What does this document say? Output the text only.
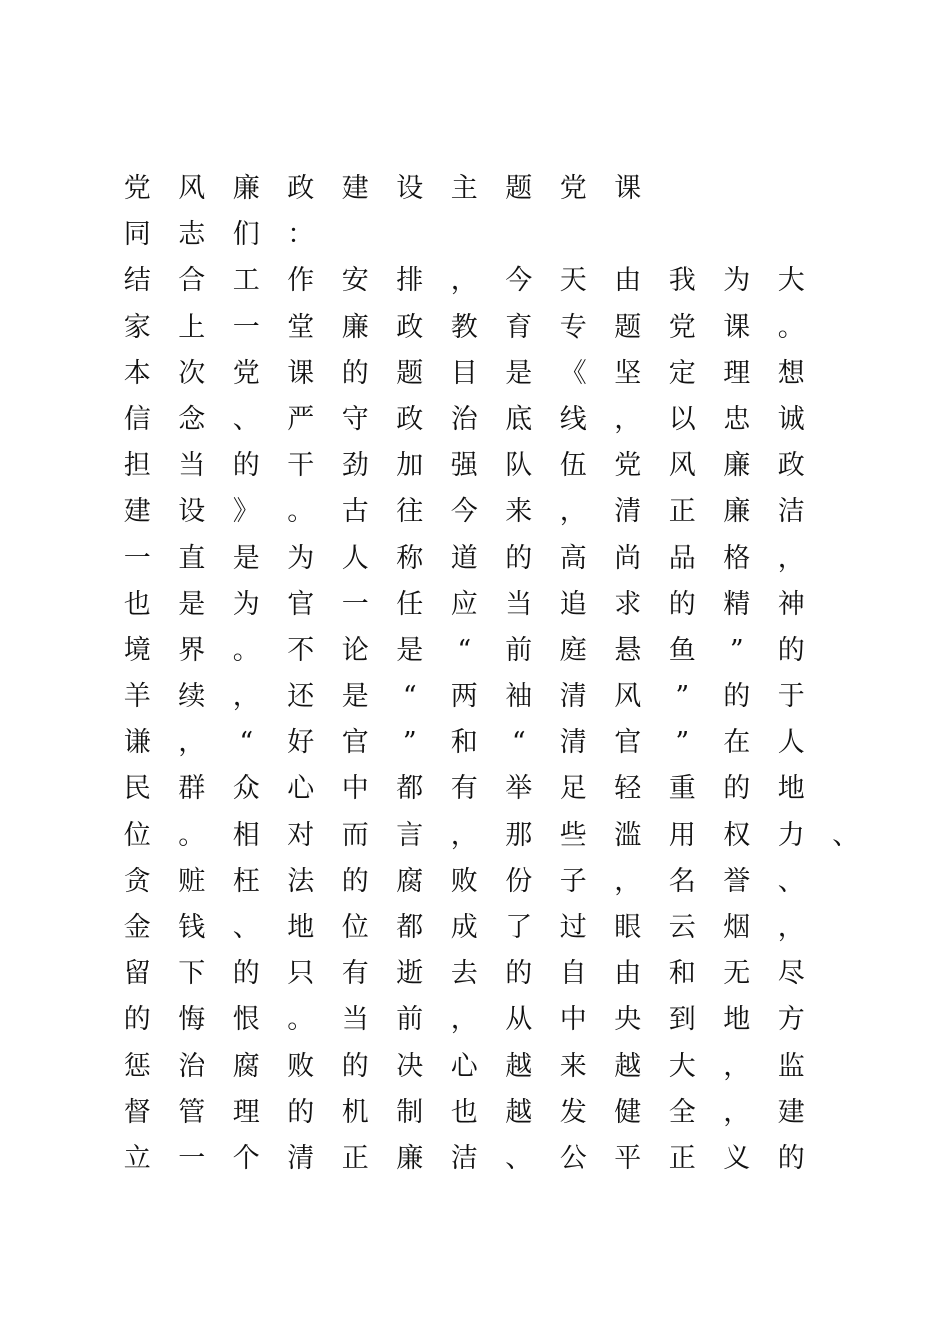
党	风	廉	政	建	设	主	题	党	课
同	志	们	：
结	合	工	作	安	排	，	今	天	由	我	为	大
家	上	一	堂	廉	政	教	育	专	题	党	课	。
本	次	党	课	的	题	目	是	《	坚	定	理	想
信	念	、	严	守	政	治	底	线	，	以	忠	诚
担	当	的	干	劲	加	强	队	伍	党	风	廉	政
建	设	》	。	古	往	今	来	，	清	正	廉	洁
一	直	是	为	人	称	道	的	高	尚	品	格	，
也	是	为	官	一	任	应	当	追	求	的	精	神
境	界	。	不	论	是	“	前	庭	悬	鱼	”	的
羊	续	，	还	是	“	两	袖	清	风	”	的	于
谦	，	“	好	官	”	和	“	清	官	”	在	人
民	群	众	心	中	都	有	举	足	轻	重	的	地
位	。	相	对	而	言	，	那	些	滥	用	权	力	、
贪	赃	枉	法	的	腐	败	份	子	，	名	誉	、
金	钱	、	地	位	都	成	了	过	眼	云	烟	，
留	下	的	只	有	逝	去	的	自	由	和	无	尽
的	悔	恨	。	当	前	，	从	中	央	到	地	方
惩	治	腐	败	的	决	心	越	来	越	大	，	监
督	管	理	的	机	制	也	越	发	健	全	，	建
立	一	个	清	正	廉	洁	、	公	平	正	义	的
